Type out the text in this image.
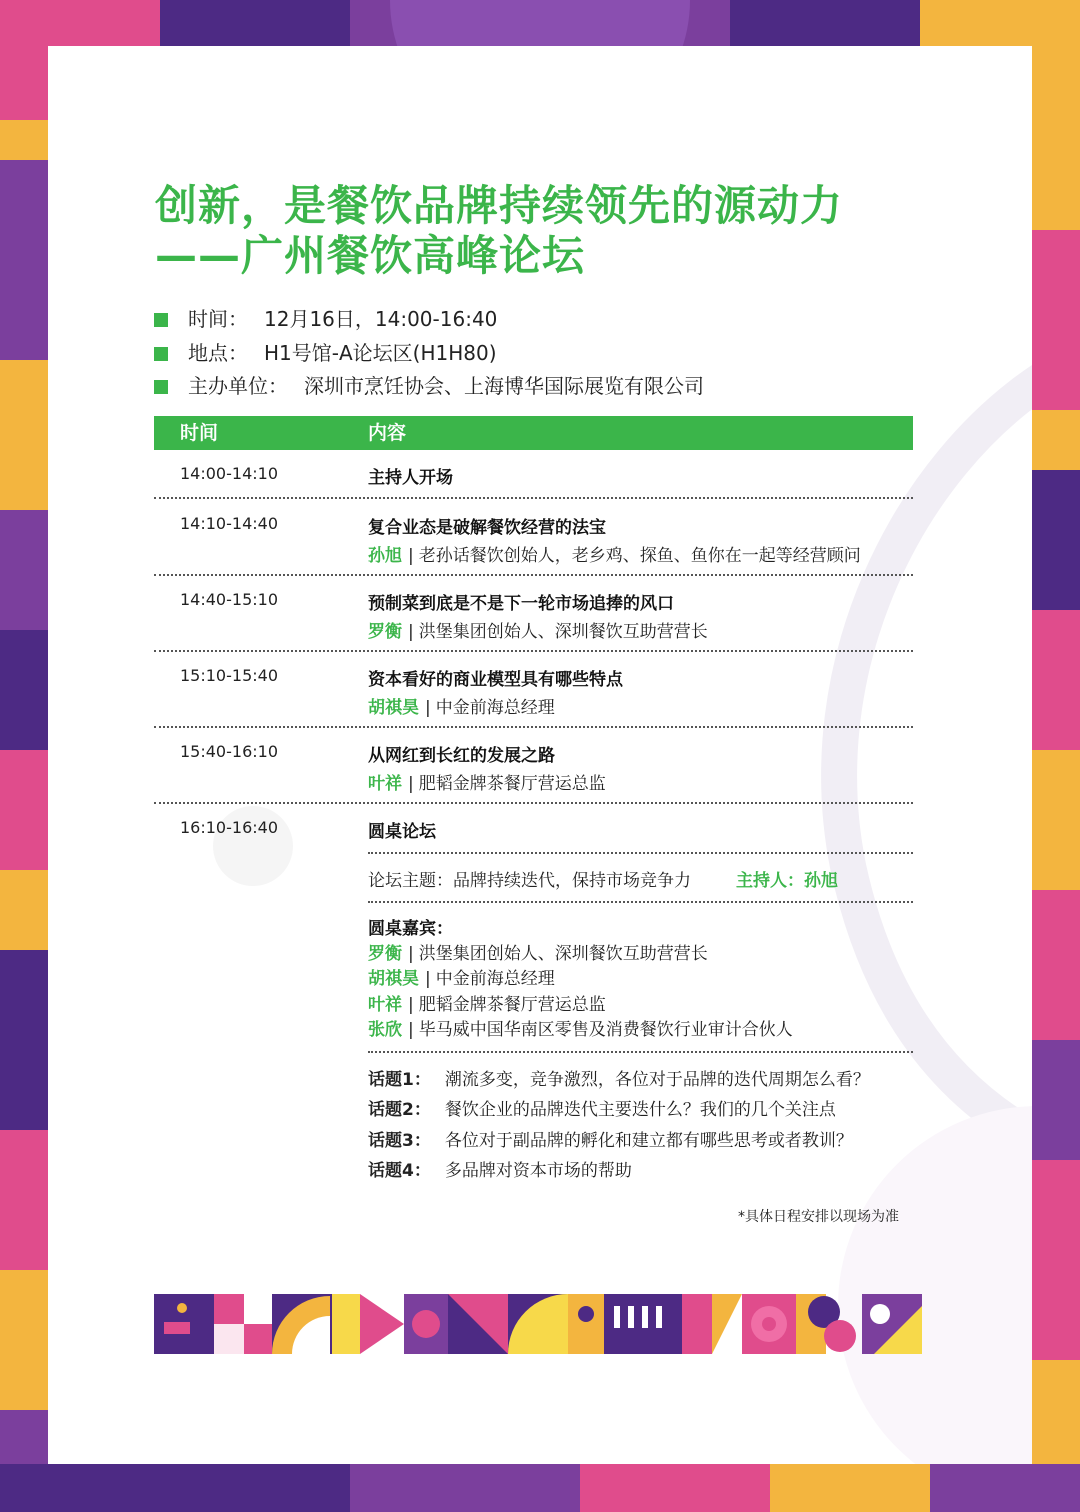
创新，是餐饮品牌持续领先的源动力
——广州餐饮高峰论坛
时间： 12月16日，14:00-16:40
地点： H1号馆-A论坛区(H1H80)
主办单位： 深圳市烹饪协会、上海博华国际展览有限公司
时间	内容
14:00-14:10	主持人开场
14:10-14:40	复合业态是破解餐饮经营的法宝
孙旭 | 老孙话餐饮创始人，老乡鸡、探鱼、鱼你在一起等经营顾问
14:40-15:10	预制菜到底是不是下一轮市场追捧的风口
罗衡 | 洪堡集团创始人、深圳餐饮互助营营长
15:10-15:40	资本看好的商业模型具有哪些特点
胡祺昊 | 中金前海总经理
15:40-16:10	从网红到长红的发展之路
叶祥 | 肥韬金牌茶餐厅营运总监
16:10-16:40	圆桌论坛
论坛主题：品牌持续迭代，保持市场竞争力	主持人：孙旭
圆桌嘉宾：
罗衡 | 洪堡集团创始人、深圳餐饮互助营营长
胡祺昊 | 中金前海总经理
叶祥 | 肥韬金牌茶餐厅营运总监
张欣 | 毕马威中国华南区零售及消费餐饮行业审计合伙人
话题1： 潮流多变，竞争激烈，各位对于品牌的迭代周期怎么看？
话题2： 餐饮企业的品牌迭代主要迭什么？我们的几个关注点
话题3： 各位对于副品牌的孵化和建立都有哪些思考或者教训？
话题4： 多品牌对资本市场的帮助
*具体日程安排以现场为准
